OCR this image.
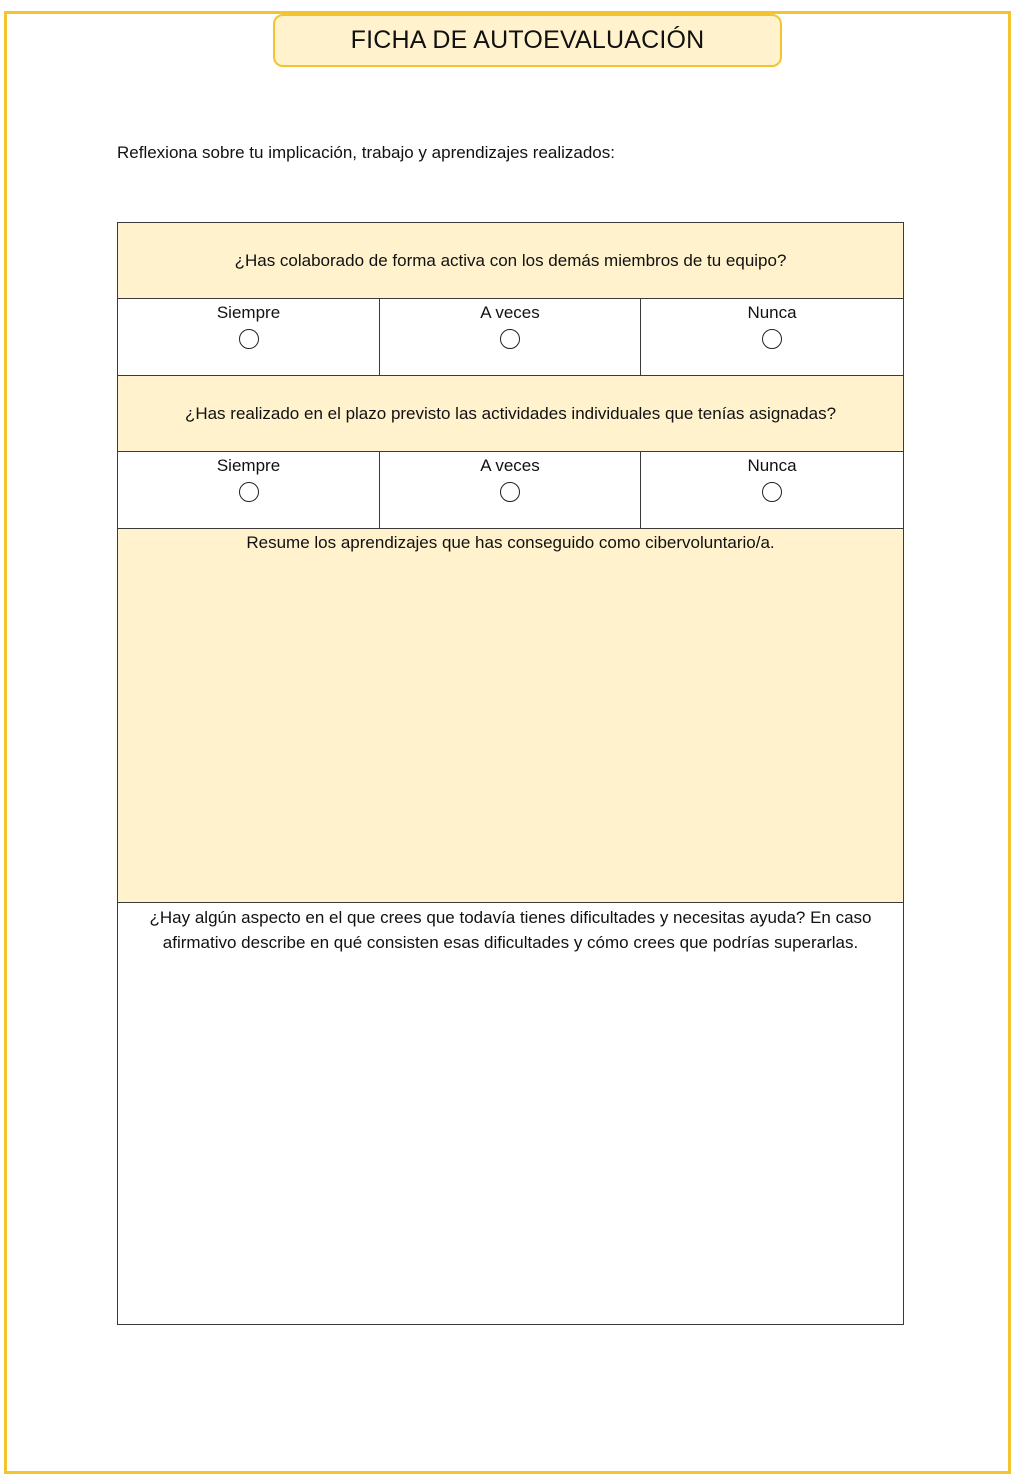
FICHA DE AUTOEVALUACIÓN
Reflexiona sobre tu implicación, trabajo y aprendizajes realizados:
¿Has colaborado de forma activa con los demás miembros de tu equipo?		

Siempre	A veces	Nunca

¿Has realizado en el plazo previsto las actividades individuales que tenías asignadas?		

Siempre	A veces	Nunca

Resume los aprendizajes que has conseguido como cibervoluntario/a.		
¿Hay algún aspecto en el que crees que todavía tienes dificultades y necesitas ayuda? En caso afirmativo describe en qué consisten esas dificultades y cómo crees que podrías superarlas.		
